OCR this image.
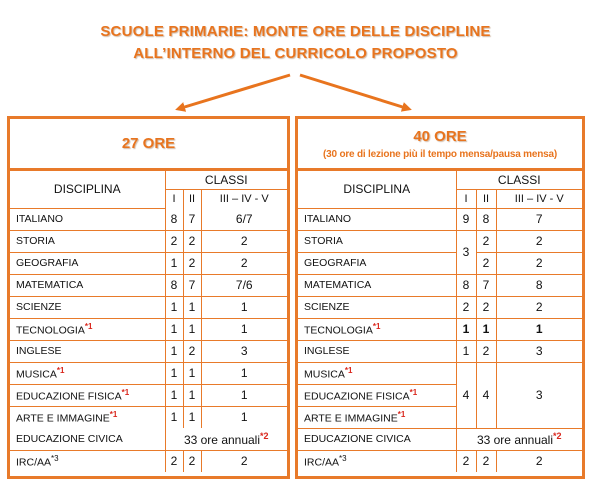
SCUOLE PRIMARIE: MONTE ORE DELLE DISCIPLINE
ALL’INTERNO DEL CURRICOLO PROPOSTO
27 ORE
DISCIPLINA	CLASSI		
	I	II	III – IV - V
ITALIANO	8	7	6/7
STORIA	2	2	2
GEOGRAFIA	1	2	2
MATEMATICA	8	7	7/6
SCIENZE	1	1	1
TECNOLOGIA$^{*1}$	1	1	1
INGLESE	1	2	3
MUSICA$^{*1}$	1	1	1
EDUCAZIONE FISICA$^{*1}$	1	1	1
ARTE E IMMAGINE$^{*1}$	1	1	1
EDUCAZIONE CIVICA	33 ore annuali$^{*2}$
IRC/AA$^{*3}$	2	2	2
40 ORE
(30 ore di lezione più il tempo mensa/pausa mensa)
DISCIPLINA	CLASSI		
	I	II	III – IV - V
ITALIANO	9	8	7
STORIA	3	2	2
GEOGRAFIA		2	2
MATEMATICA	8	7	8
SCIENZE	2	2	2
TECNOLOGIA$^{*1}$	1	1	1
INGLESE	1	2	3
MUSICA$^{*1}$	4	4	3
EDUCAZIONE FISICA$^{*1}$
ARTE E IMMAGINE$^{*1}$
EDUCAZIONE CIVICA	33 ore annuali$^{*2}$
IRC/AA$^{*3}$	2	2	2
